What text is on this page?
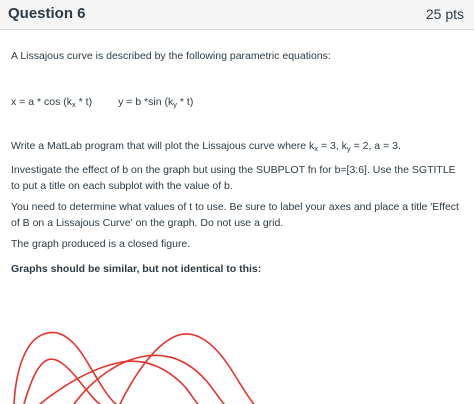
Question 6	25 pts
A Lissajous curve is described by the following parametric equations:
$x = a * \cos (k_x * t) y = b$ *sin $(k_y * t)$
Write a MatLab program that will plot the Lissajous curve where $k_x = 3$, $k_y = 2$, a = 3.
Investigate the effect of b on the graph but using the SUBPLOT fn for b=[3:6]. Use the SGTITLE to put a title on each subplot with the value of b.
You need to determine what values of t to use. Be sure to label your axes and place a title 'Effect of B on a Lissajous Curve' on the graph. Do not use a grid.
The graph produced is a closed figure.
Graphs should be similar, but not identical to this:
